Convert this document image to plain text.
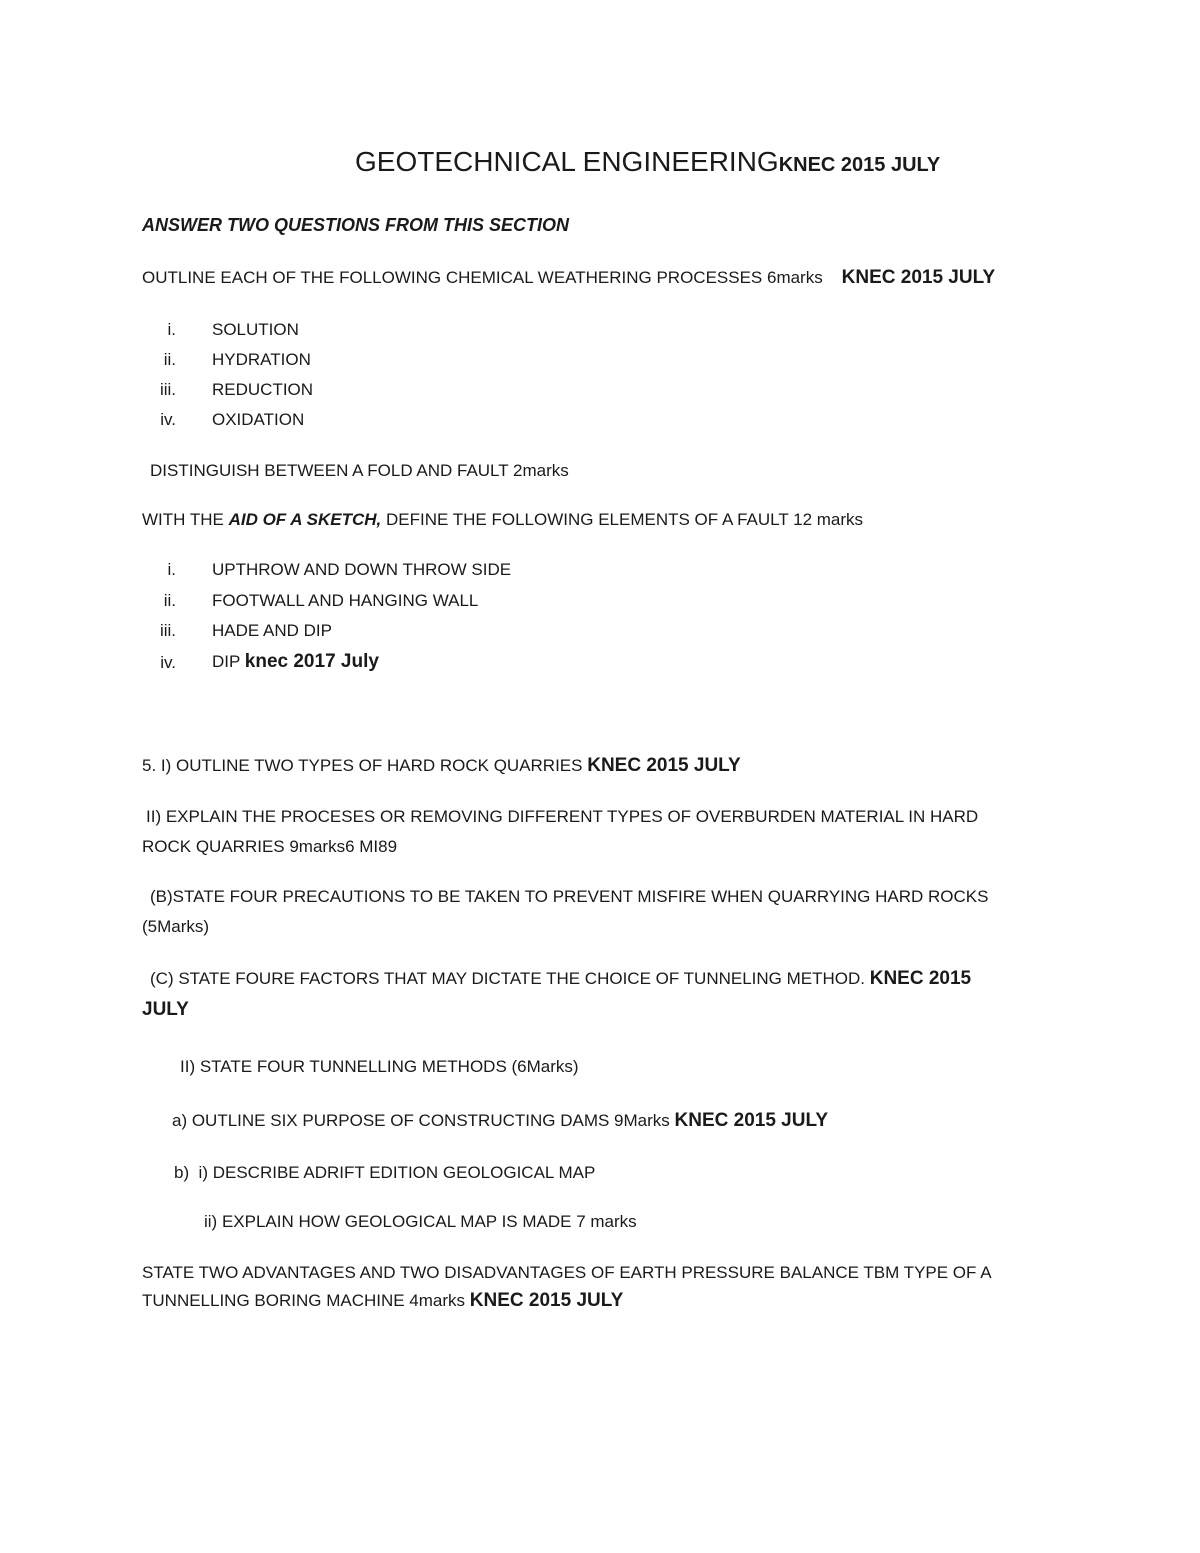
GEOTECHNICAL ENGINEERINGKNEC 2015 JULY
ANSWER TWO QUESTIONS FROM THIS SECTION
OUTLINE EACH OF THE FOLLOWING CHEMICAL WEATHERING PROCESSES 6marks KNEC 2015 JULY
i. SOLUTION
ii. HYDRATION
iii. REDUCTION
iv. OXIDATION
DISTINGUISH BETWEEN A FOLD AND FAULT 2marks
WITH THE AID OF A SKETCH, DEFINE THE FOLLOWING ELEMENTS OF A FAULT 12 marks
i. UPTHROW AND DOWN THROW SIDE
ii. FOOTWALL AND HANGING WALL
iii. HADE AND DIP
iv. DIP knec 2017 July
5. I) OUTLINE TWO TYPES OF HARD ROCK QUARRIES KNEC 2015 JULY
II) EXPLAIN THE PROCESES OR REMOVING DIFFERENT TYPES OF OVERBURDEN MATERIAL IN HARD
ROCK QUARRIES 9marks6 MI89
(B)STATE FOUR PRECAUTIONS TO BE TAKEN TO PREVENT MISFIRE WHEN QUARRYING HARD ROCKS
(5Marks)
(C) STATE FOURE FACTORS THAT MAY DICTATE THE CHOICE OF TUNNELING METHOD. KNEC 2015
JULY
II) STATE FOUR TUNNELLING METHODS (6Marks)
a) OUTLINE SIX PURPOSE OF CONSTRUCTING DAMS 9Marks KNEC 2015 JULY
b)  i) DESCRIBE ADRIFT EDITION GEOLOGICAL MAP
ii) EXPLAIN HOW GEOLOGICAL MAP IS MADE 7 marks
STATE TWO ADVANTAGES AND TWO DISADVANTAGES OF EARTH PRESSURE BALANCE TBM TYPE OF A
TUNNELLING BORING MACHINE 4marks KNEC 2015 JULY
